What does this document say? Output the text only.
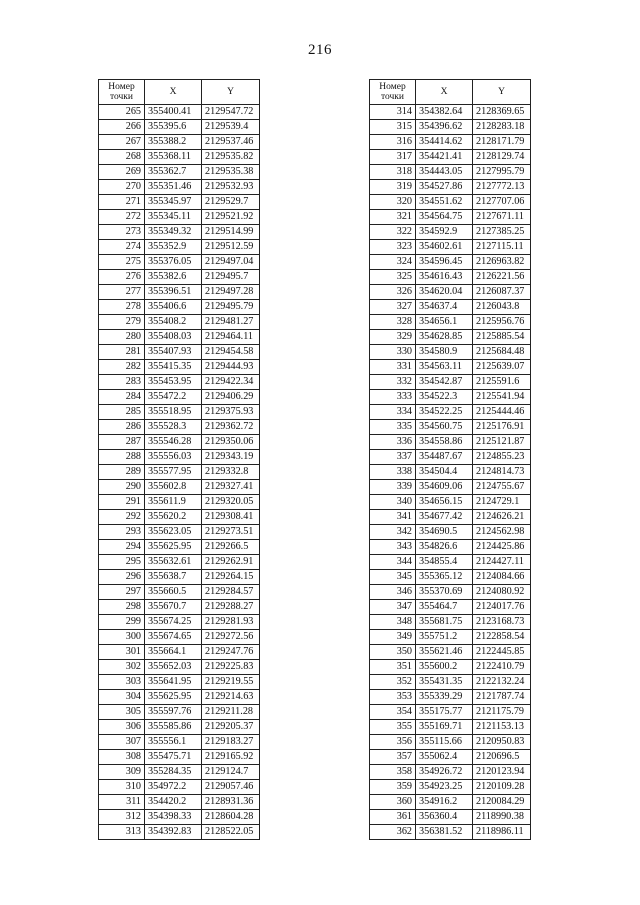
216
Номер
точки	X	Y
265	355400.41	2129547.72
266	355395.6	2129539.4
267	355388.2	2129537.46
268	355368.11	2129535.82
269	355362.7	2129535.38
270	355351.46	2129532.93
271	355345.97	2129529.7
272	355345.11	2129521.92
273	355349.32	2129514.99
274	355352.9	2129512.59
275	355376.05	2129497.04
276	355382.6	2129495.7
277	355396.51	2129497.28
278	355406.6	2129495.79
279	355408.2	2129481.27
280	355408.03	2129464.11
281	355407.93	2129454.58
282	355415.35	2129444.93
283	355453.95	2129422.34
284	355472.2	2129406.29
285	355518.95	2129375.93
286	355528.3	2129362.72
287	355546.28	2129350.06
288	355556.03	2129343.19
289	355577.95	2129332.8
290	355602.8	2129327.41
291	355611.9	2129320.05
292	355620.2	2129308.41
293	355623.05	2129273.51
294	355625.95	2129266.5
295	355632.61	2129262.91
296	355638.7	2129264.15
297	355660.5	2129284.57
298	355670.7	2129288.27
299	355674.25	2129281.93
300	355674.65	2129272.56
301	355664.1	2129247.76
302	355652.03	2129225.83
303	355641.95	2129219.55
304	355625.95	2129214.63
305	355597.76	2129211.28
306	355585.86	2129205.37
307	355556.1	2129183.27
308	355475.71	2129165.92
309	355284.35	2129124.7
310	354972.2	2129057.46
311	354420.2	2128931.36
312	354398.33	2128604.28
313	354392.83	2128522.05
Номер
точки	X	Y
314	354382.64	2128369.65
315	354396.62	2128283.18
316	354414.62	2128171.79
317	354421.41	2128129.74
318	354443.05	2127995.79
319	354527.86	2127772.13
320	354551.62	2127707.06
321	354564.75	2127671.11
322	354592.9	2127385.25
323	354602.61	2127115.11
324	354596.45	2126963.82
325	354616.43	2126221.56
326	354620.04	2126087.37
327	354637.4	2126043.8
328	354656.1	2125956.76
329	354628.85	2125885.54
330	354580.9	2125684.48
331	354563.11	2125639.07
332	354542.87	2125591.6
333	354522.3	2125541.94
334	354522.25	2125444.46
335	354560.75	2125176.91
336	354558.86	2125121.87
337	354487.67	2124855.23
338	354504.4	2124814.73
339	354609.06	2124755.67
340	354656.15	2124729.1
341	354677.42	2124626.21
342	354690.5	2124562.98
343	354826.6	2124425.86
344	354855.4	2124427.11
345	355365.12	2124084.66
346	355370.69	2124080.92
347	355464.7	2124017.76
348	355681.75	2123168.73
349	355751.2	2122858.54
350	355621.46	2122445.85
351	355600.2	2122410.79
352	355431.35	2122132.24
353	355339.29	2121787.74
354	355175.77	2121175.79
355	355169.71	2121153.13
356	355115.66	2120950.83
357	355062.4	2120696.5
358	354926.72	2120123.94
359	354923.25	2120109.28
360	354916.2	2120084.29
361	356360.4	2118990.38
362	356381.52	2118986.11
